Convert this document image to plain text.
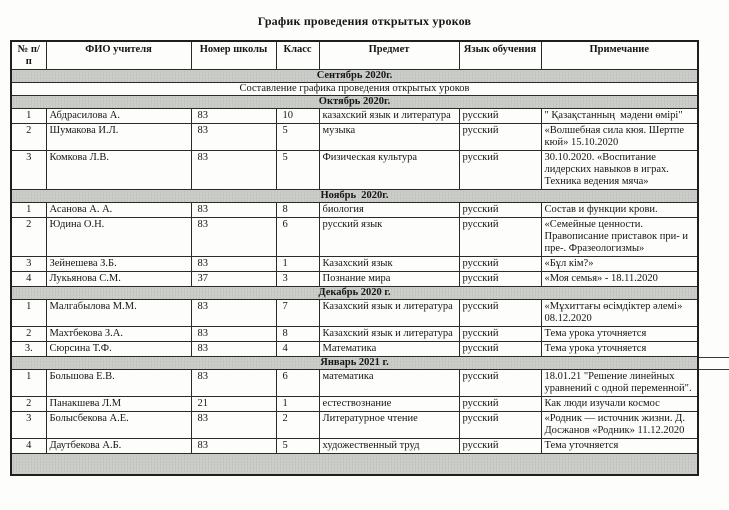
График проведения открытых уроков
№ п/п	ФИО учителя	Номер школы	Класс	Предмет	Язык обучения	Примечание
Сентябрь 2020г.						
Составление графика проведения открытых уроков						
Октябрь 2020г.						
1	Абдрасилова А.	83	10	казахский язык и литература	русский	" Қазақстанның  мәдени өмірі"
2	Шумакова И.Л.	83	5	музыка	русский	«Волшебная сила кюя. Шертпе кюй» 15.10.2020
3	Комкова Л.В.	83	5	Физическая культура	русский	30.10.2020. «Воспитание лидерских навыков в играх. Техника ведения мяча»
Ноябрь  2020г.						
1	Асанова А. А.	83	8	биология	русский	Состав и функции крови.
2	Юдина О.Н.	83	6	русский язык	русский	«Семейные ценности. Правописание приставок при- и пре-. Фразеологизмы»
3	Зейнешева З.Б.	83	1	Казахский язык	русский	«Бұл кім?»
4	Лукьянова С.М.	37	3	Познание мира	русский	«Моя семья» - 18.11.2020
Декабрь 2020 г.						
1	Малгабылова М.М.	83	7	Казахский язык и литература	русский	«Мұхиттағы өсімдіктер әлемі» 08.12.2020
2	Махтбекова З.А.	83	8	Казахский язык и литература	русский	Тема урока уточняется
3.	Сюрсина Т.Ф.	83	4	Математика	русский	Тема урока уточняется
Январь 2021 г.						
1	Большова Е.В.	83	6	математика	русский	18.01.21 "Решение линейных уравнений с одной переменной".
2	Панакшева Л.М	21	1	естествознание	русский	Как люди изучали космос
3	Болысбекова А.Е.	83	2	Литературное чтение	русский	«Родник — источник жизни. Д. Досжанов «Родник» 11.12.2020
4	Даутбекова А.Б.	83	5	художественный труд	русский	Тема уточняется
